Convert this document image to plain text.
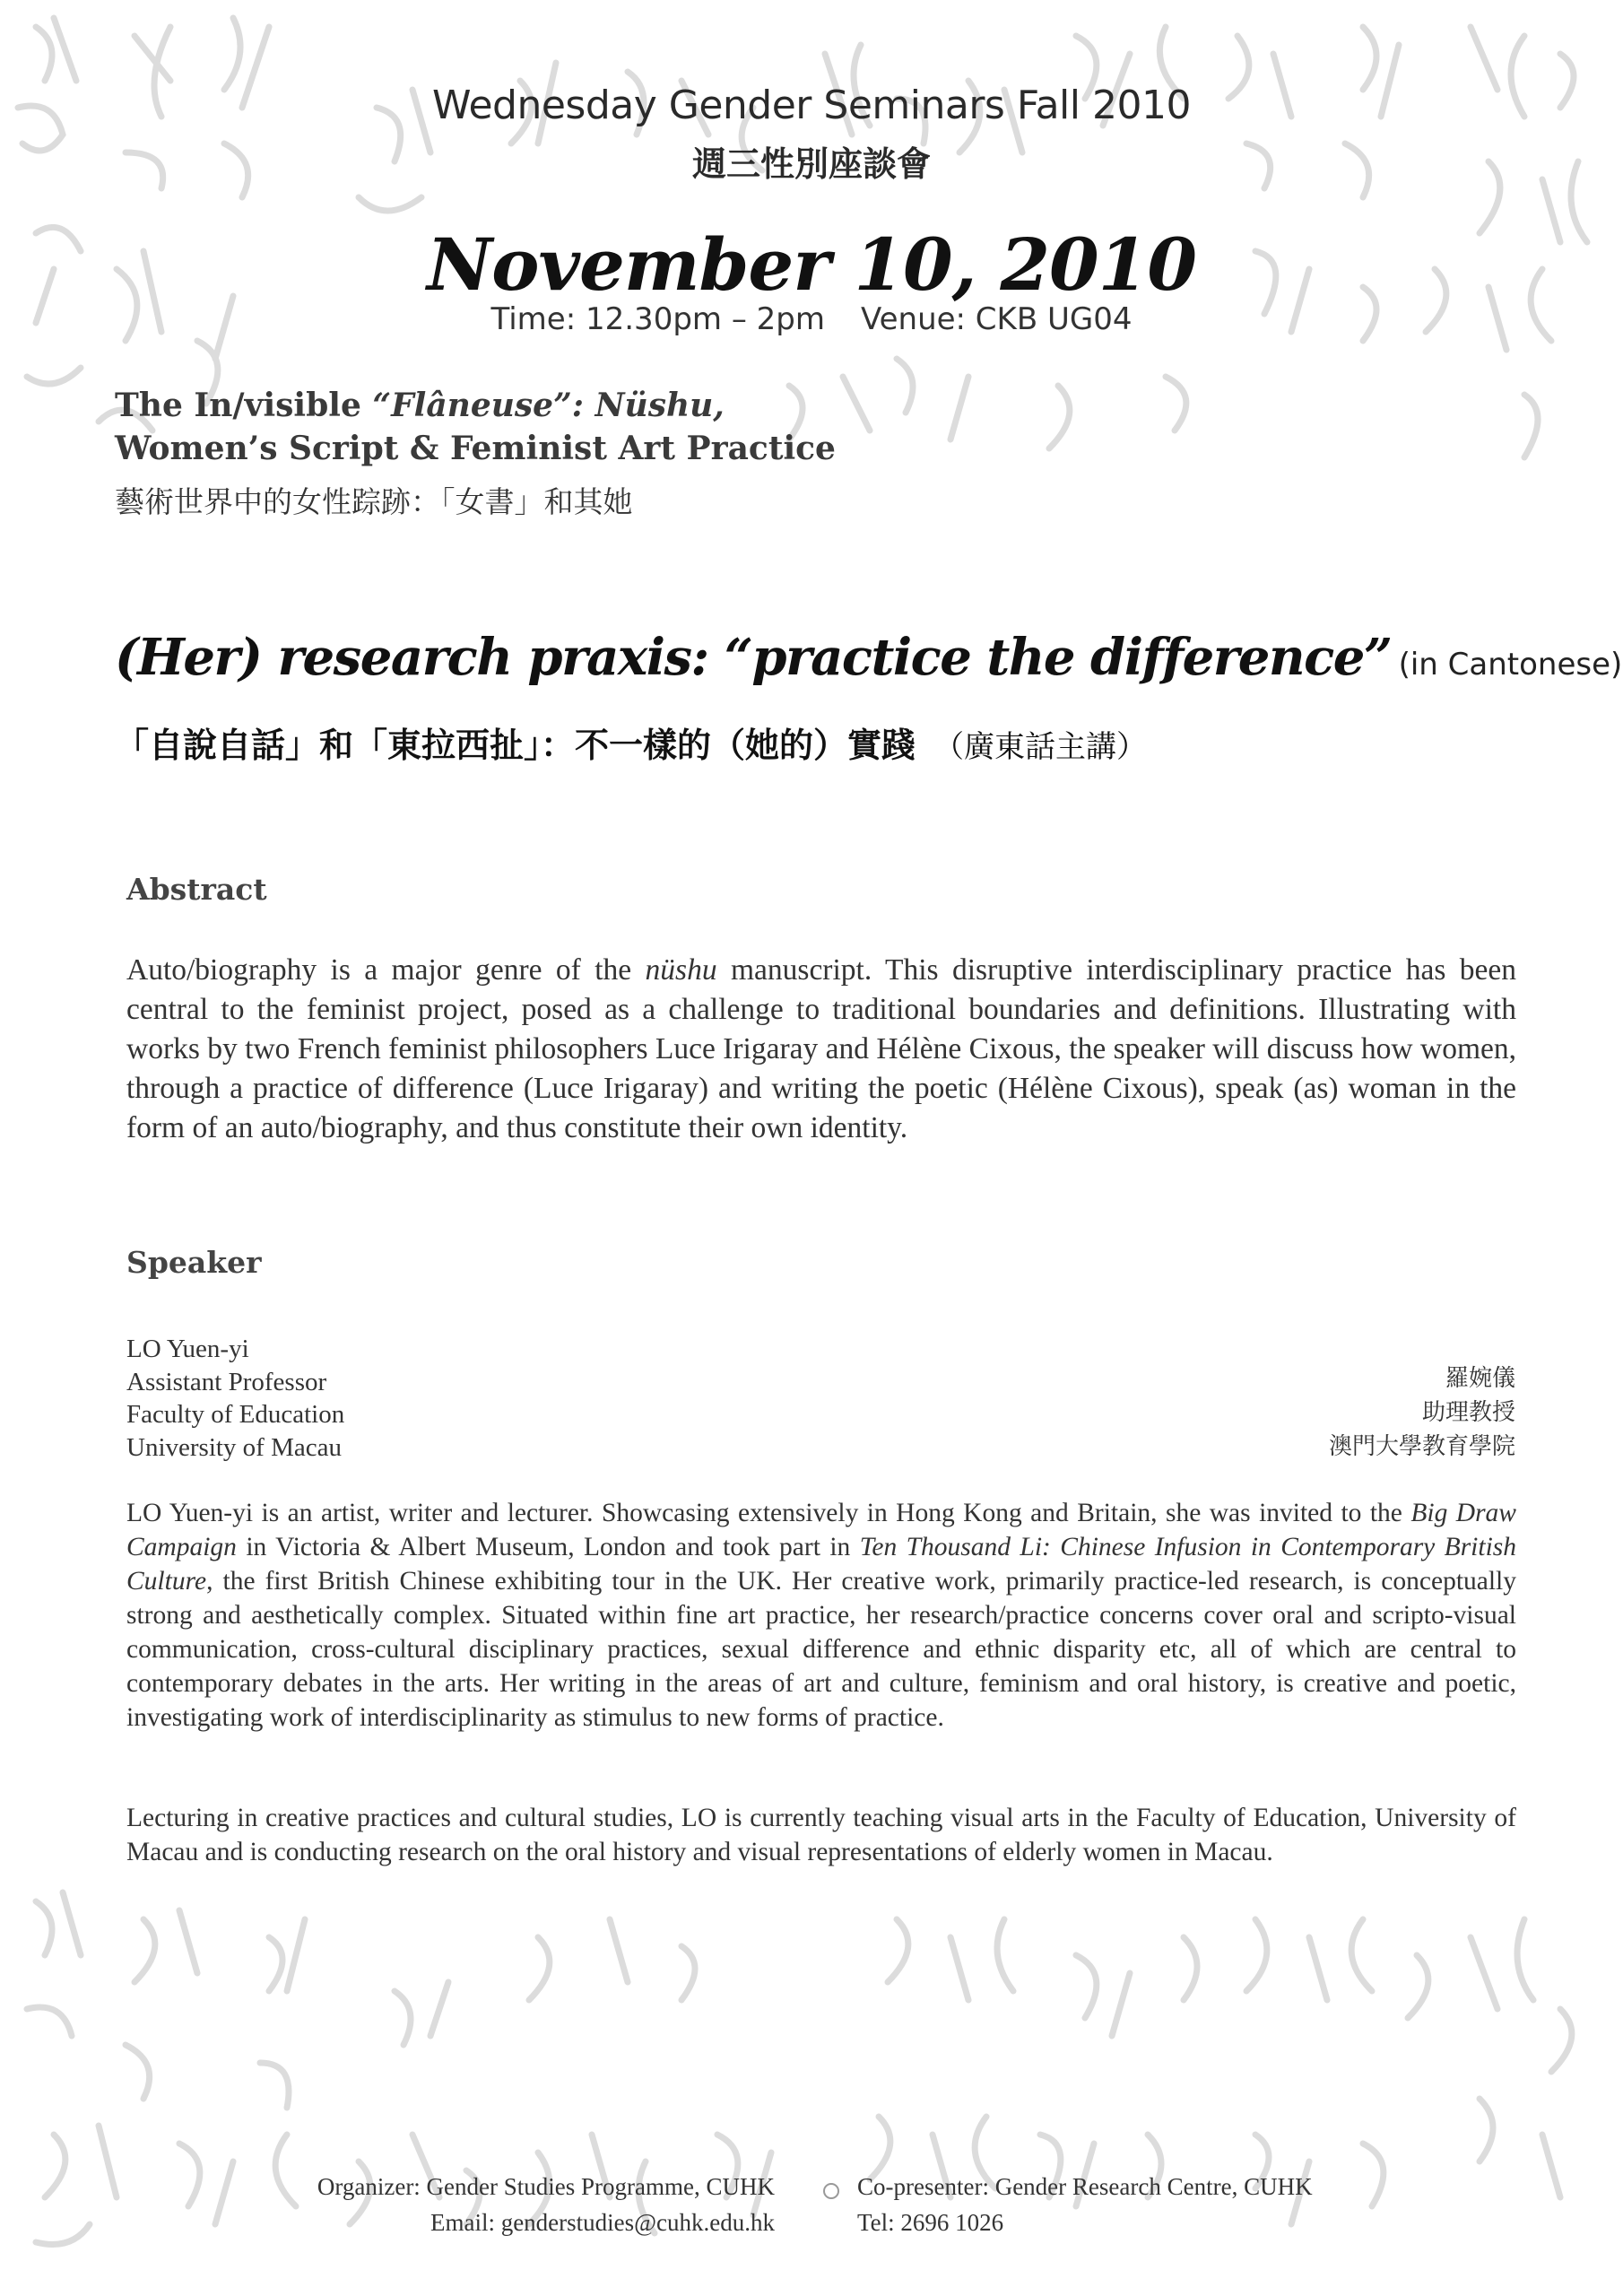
Wednesday Gender Seminars Fall 2010
週三性別座談會
November 10, 2010
Time: 12.30pm – 2pm Venue: CKB UG04
The In/visible “Flâneuse”: Nüshu,
Women’s Script & Feminist Art Practice
藝術世界中的女性踪跡：「女書」和其她
(Her) research praxis: “practice the difference” (in Cantonese)
「自說自話」和「東拉西扯」：不一樣的（她的）實踐 （廣東話主講）
Abstract
Auto/biography is a major genre of the nüshu manuscript. This disruptive interdisciplinary practice has been central to the feminist project, posed as a challenge to traditional boundaries and definitions. Illustrating with works by two French feminist philosophers Luce Irigaray and Hélène Cixous, the speaker will discuss how women, through a practice of difference (Luce Irigaray) and writing the poetic (Hélène Cixous), speak (as) woman in the form of an auto/biography, and thus constitute their own identity.
Speaker
LO Yuen-yi
Assistant Professor
Faculty of Education
University of Macau
羅婉儀
助理教授
澳門大學教育學院
LO Yuen-yi is an artist, writer and lecturer. Showcasing extensively in Hong Kong and Britain, she was invited to the Big Draw Campaign in Victoria & Albert Museum, London and took part in Ten Thousand Li: Chinese Infusion in Contemporary British Culture, the first British Chinese exhibiting tour in the UK. Her creative work, primarily practice-led research, is conceptually strong and aesthetically complex. Situated within fine art practice, her research/practice concerns cover oral and scripto-visual communication, cross-cultural disciplinary practices, sexual difference and ethnic disparity etc, all of which are central to contemporary debates in the arts. Her writing in the areas of art and culture, feminism and oral history, is creative and poetic, investigating work of interdisciplinarity as stimulus to new forms of practice.
Lecturing in creative practices and cultural studies, LO is currently teaching visual arts in the Faculty of Education, University of Macau and is conducting research on the oral history and visual representations of elderly women in Macau.
Organizer: Gender Studies Programme, CUHK
Email: genderstudies@cuhk.edu.hk
Co-presenter: Gender Research Centre, CUHK
Tel: 2696 1026
